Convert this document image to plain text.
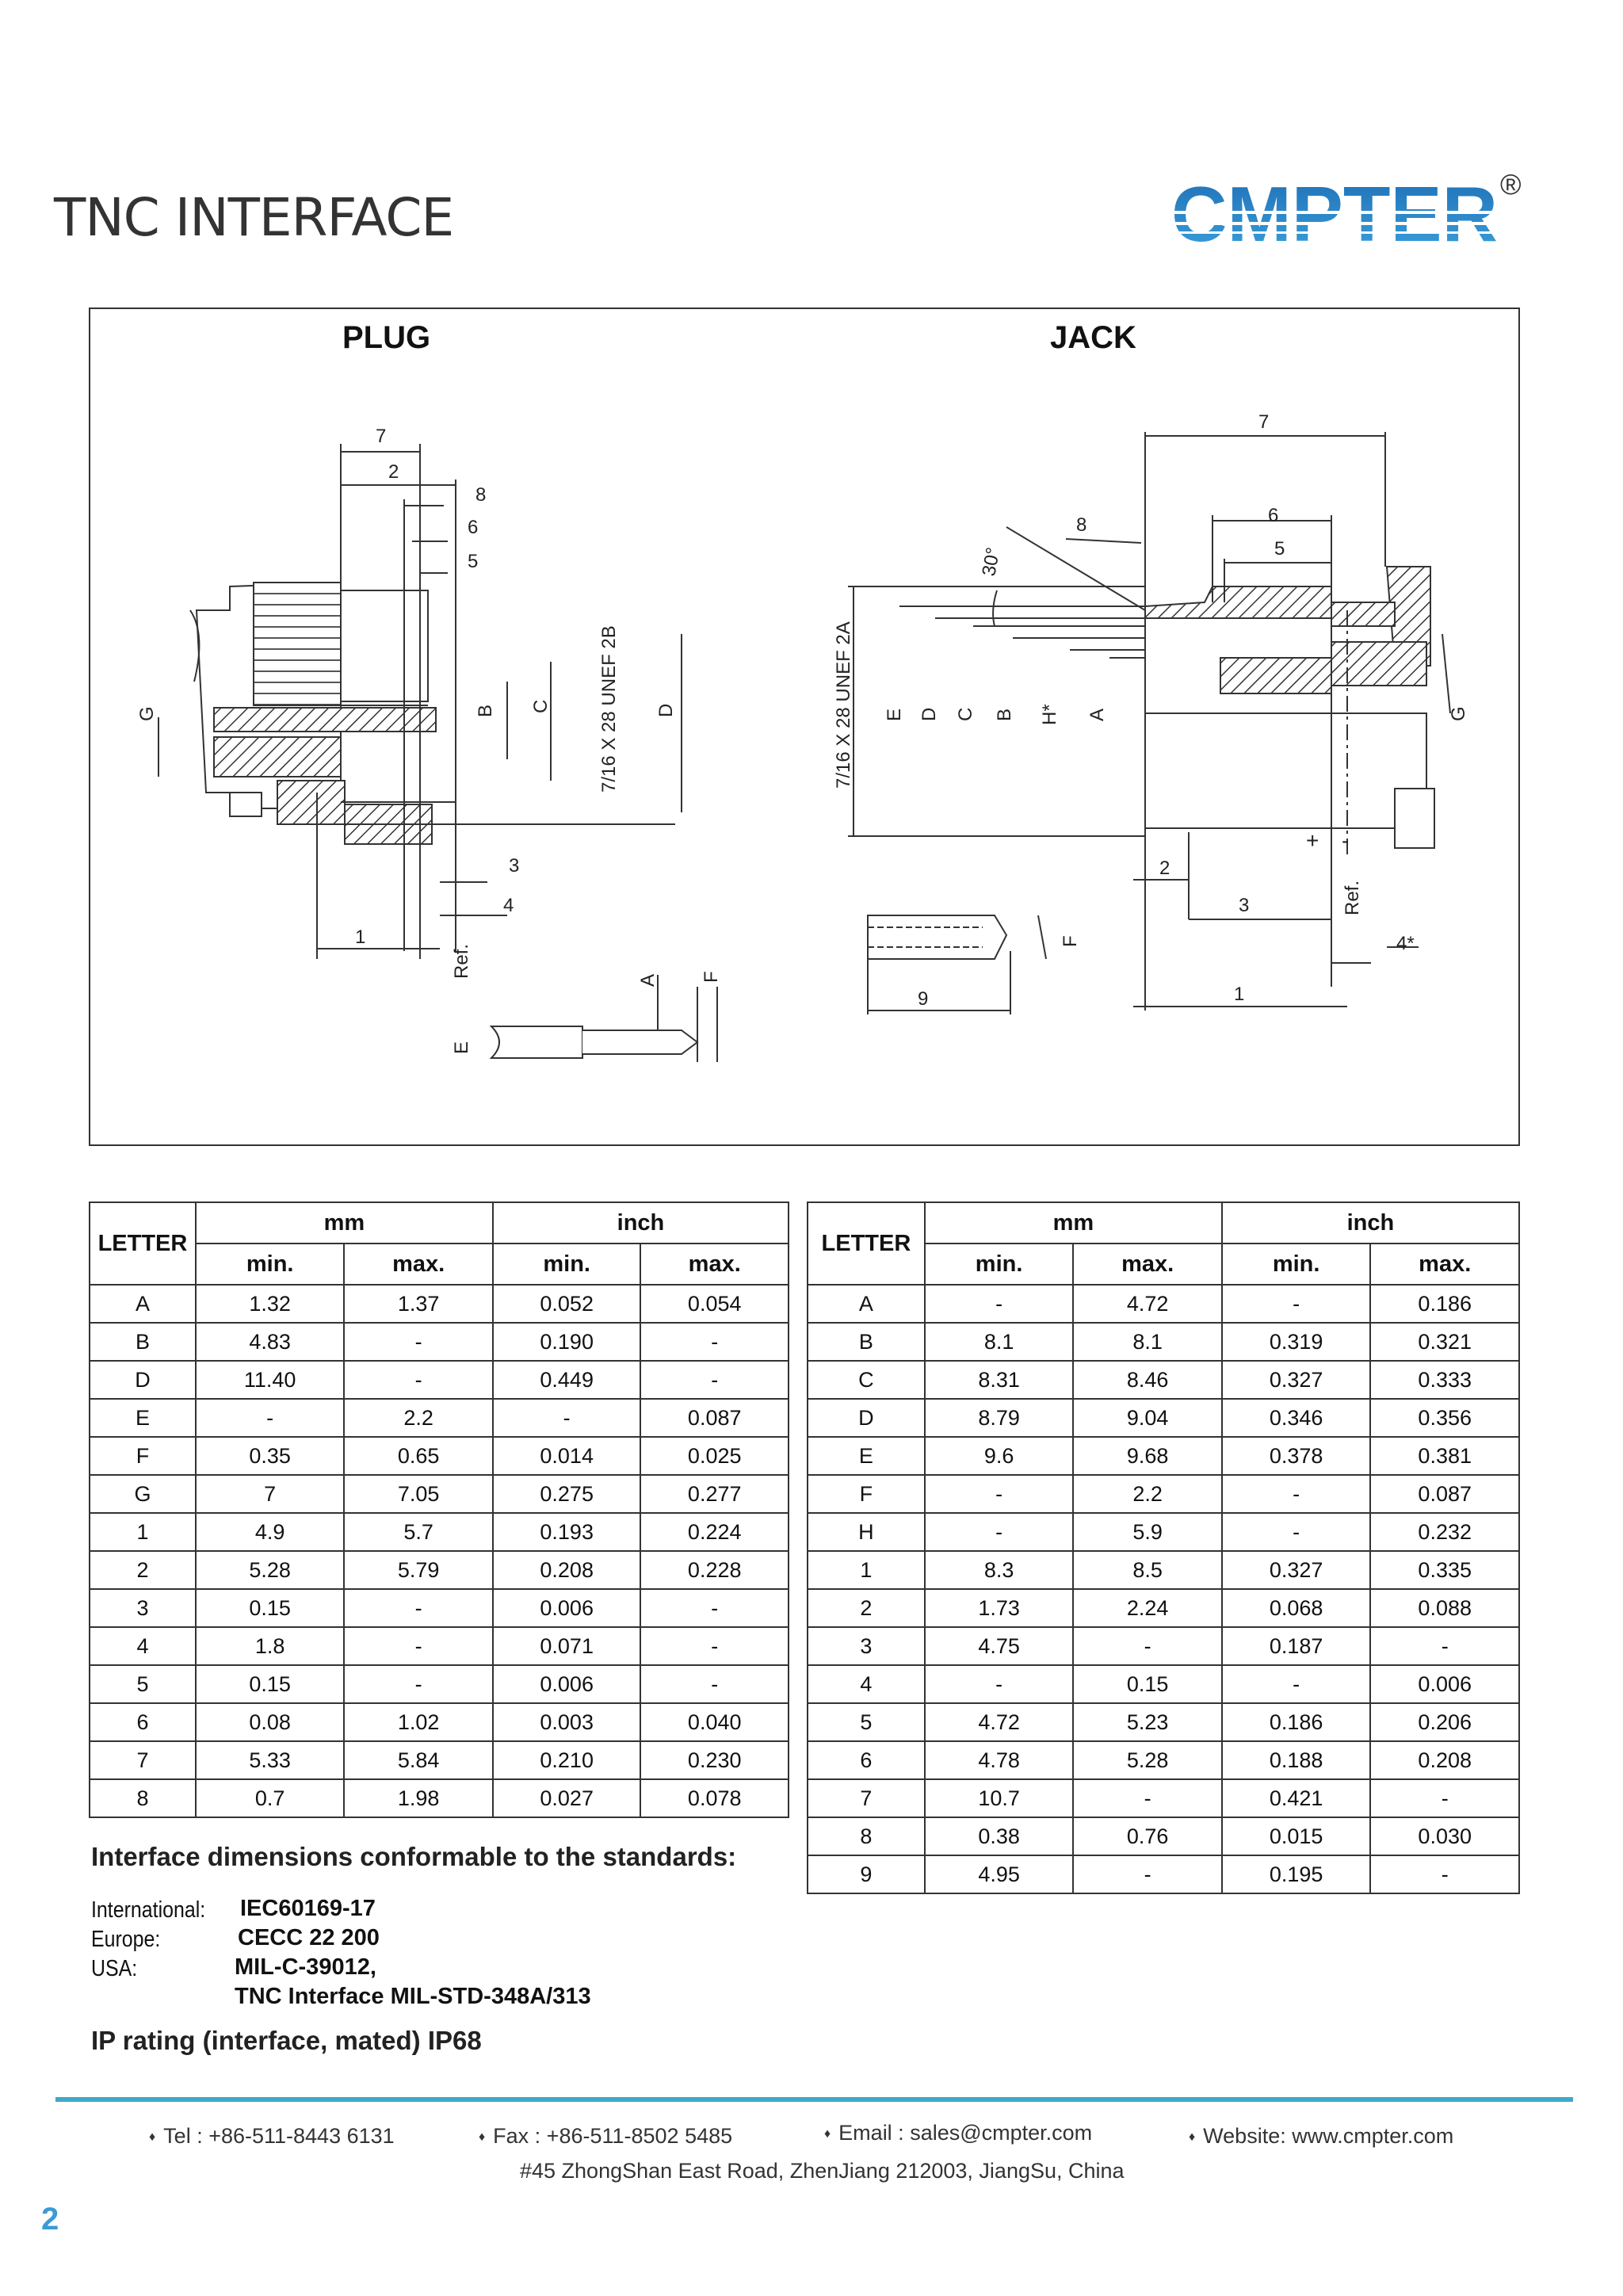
TNC INTERFACE
®
PLUG	JACK
7
2
8
6
5
7/16 X 28 UNEF 2B
G	B C	D
3
4
1
Ref.
A F
E
7
8	6
5
30°
7/16 X 28 UNEF 2A E D C B H* A	G
+ -
2
3	Ref.
F	4*
9	1
LETTER	mm		inch	
	min.	max.	min.	max.
A	1.32	1.37	0.052	0.054
B	4.83	-	0.190	-
D	11.40	-	0.449	-
E	-	2.2	-	0.087
F	0.35	0.65	0.014	0.025
G	7	7.05	0.275	0.277
1	4.9	5.7	0.193	0.224
2	5.28	5.79	0.208	0.228
3	0.15	-	0.006	-
4	1.8	-	0.071	-
5	0.15	-	0.006	-
6	0.08	1.02	0.003	0.040
7	5.33	5.84	0.210	0.230
8	0.7	1.98	0.027	0.078
LETTER	mm		inch	
	min.	max.	min.	max.
A	-	4.72	-	0.186
B	8.1	8.1	0.319	0.321
C	8.31	8.46	0.327	0.333
D	8.79	9.04	0.346	0.356
E	9.6	9.68	0.378	0.381
F	-	2.2	-	0.087
H	-	5.9	-	0.232
1	8.3	8.5	0.327	0.335
2	1.73	2.24	0.068	0.088
3	4.75	-	0.187	-
4	-	0.15	-	0.006
5	4.72	5.23	0.186	0.206
6	4.78	5.28	0.188	0.208
7	10.7	-	0.421	-
8	0.38	0.76	0.015	0.030
9	4.95	-	0.195	-
Interface dimensions conformable to the standards:
International: IEC60169-17
Europe:	CECC 22 200
USA:	MIL-C-39012,
TNC Interface MIL-STD-348A/313
IP rating (interface, mated) IP68
♦ Tel : +86-511-8443 6131	♦ Fax : +86-511-8502 5485	♦ Email : sales@cmpter.com	♦ Website: www.cmpter.com
#45 ZhongShan East Road, ZhenJiang 212003, JiangSu, China
2
